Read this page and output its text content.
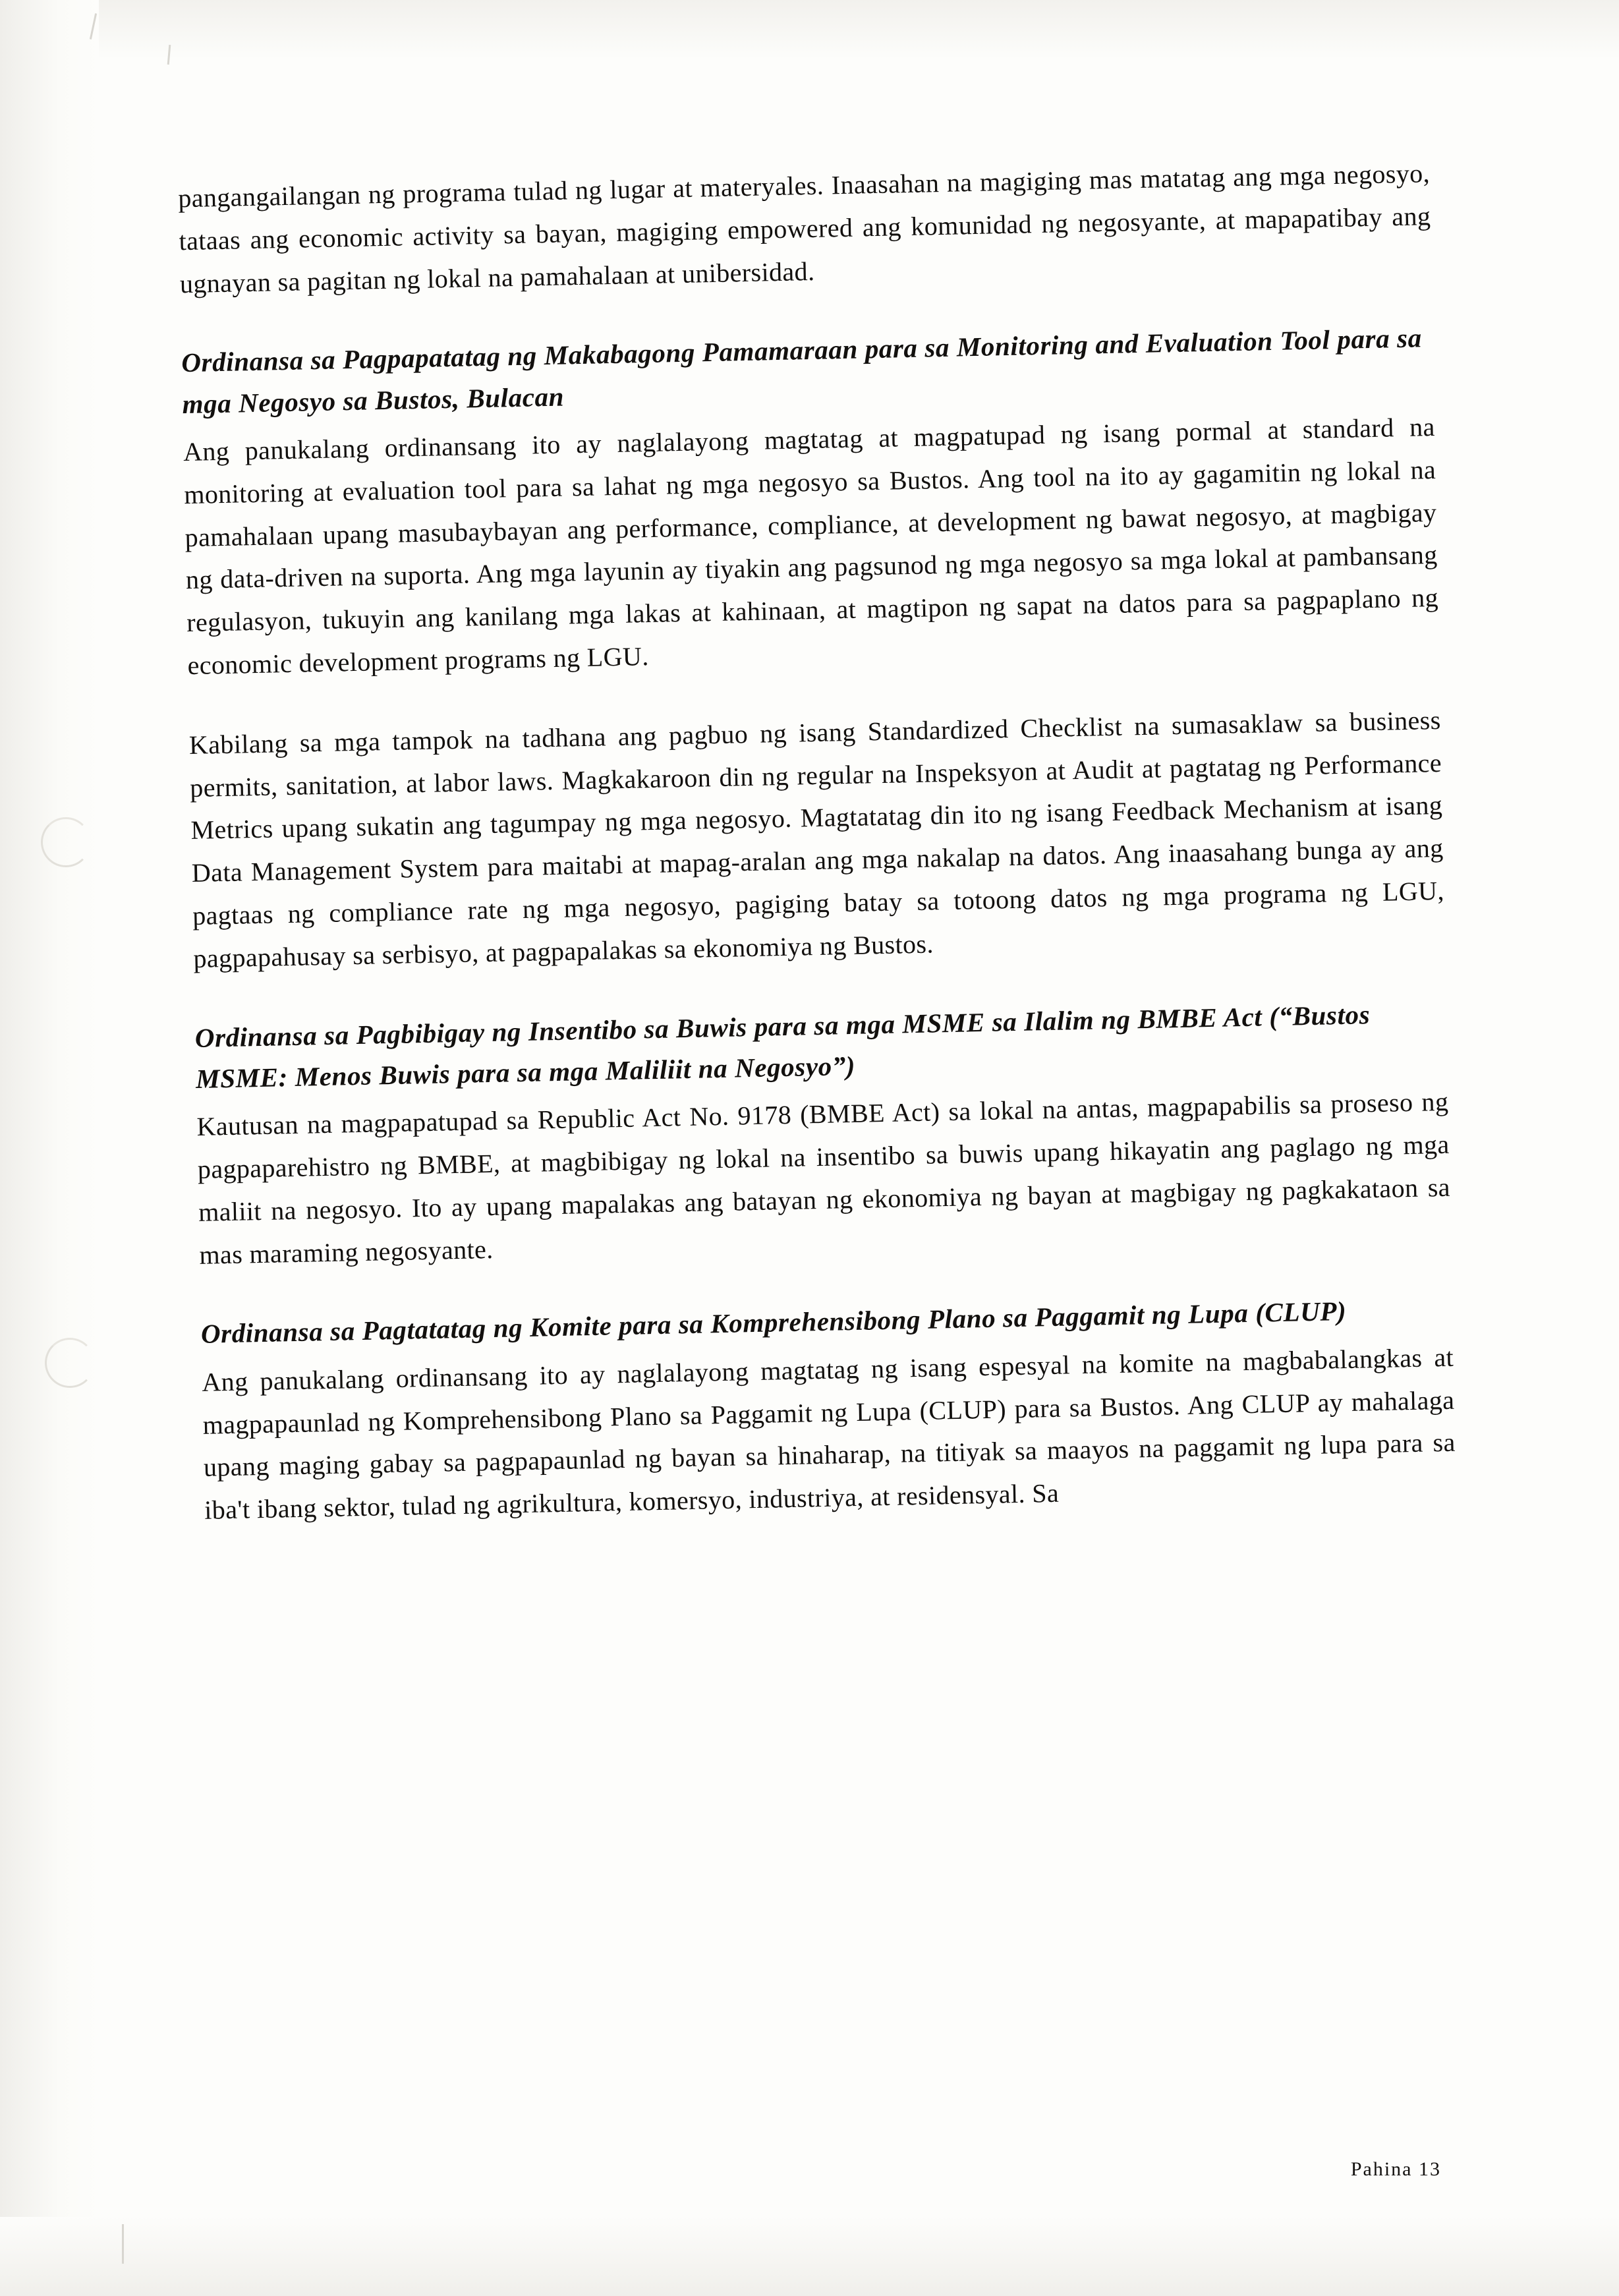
pangangailangan ng programa tulad ng lugar at materyales. Inaasahan na magiging mas matatag ang mga negosyo, tataas ang economic activity sa bayan, magiging empowered ang komunidad ng negosyante, at mapapatibay ang ugnayan sa pagitan ng lokal na pamahalaan at unibersidad.

Ordinansa sa Pagpapatatag ng Makabagong Pamamaraan para sa Monitoring and Evaluation Tool para sa mga Negosyo sa Bustos, Bulacan

Ang panukalang ordinansang ito ay naglalayong magtatag at magpatupad ng isang pormal at standard na monitoring at evaluation tool para sa lahat ng mga negosyo sa Bustos. Ang tool na ito ay gagamitin ng lokal na pamahalaan upang masubaybayan ang performance, compliance, at development ng bawat negosyo, at magbigay ng data-driven na suporta. Ang mga layunin ay tiyakin ang pagsunod ng mga negosyo sa mga lokal at pambansang regulasyon, tukuyin ang kanilang mga lakas at kahinaan, at magtipon ng sapat na datos para sa pagpaplano ng economic development programs ng LGU.

Kabilang sa mga tampok na tadhana ang pagbuo ng isang Standardized Checklist na sumasaklaw sa business permits, sanitation, at labor laws. Magkakaroon din ng regular na Inspeksyon at Audit at pagtatag ng Performance Metrics upang sukatin ang tagumpay ng mga negosyo. Magtatatag din ito ng isang Feedback Mechanism at isang Data Management System para maitabi at mapag-aralan ang mga nakalap na datos. Ang inaasahang bunga ay ang pagtaas ng compliance rate ng mga negosyo, pagiging batay sa totoong datos ng mga programa ng LGU, pagpapahusay sa serbisyo, at pagpapalakas sa ekonomiya ng Bustos.

Ordinansa sa Pagbibigay ng Insentibo sa Buwis para sa mga MSME sa Ilalim ng BMBE Act (“Bustos MSME: Menos Buwis para sa mga Maliliit na Negosyo”)

Kautusan na magpapatupad sa Republic Act No. 9178 (BMBE Act) sa lokal na antas, magpapabilis sa proseso ng pagpaparehistro ng BMBE, at magbibigay ng lokal na insentibo sa buwis upang hikayatin ang paglago ng mga maliit na negosyo. Ito ay upang mapalakas ang batayan ng ekonomiya ng bayan at magbigay ng pagkakataon sa mas maraming negosyante.

Ordinansa sa Pagtatatag ng Komite para sa Komprehensibong Plano sa Paggamit ng Lupa (CLUP)

Ang panukalang ordinansang ito ay naglalayong magtatag ng isang espesyal na komite na magbabalangkas at magpapaunlad ng Komprehensibong Plano sa Paggamit ng Lupa (CLUP) para sa Bustos. Ang CLUP ay mahalaga upang maging gabay sa pagpapaunlad ng bayan sa hinaharap, na titiyak sa maayos na paggamit ng lupa para sa iba't ibang sektor, tulad ng agrikultura, komersyo, industriya, at residensyal. Sa

Pahina 13
